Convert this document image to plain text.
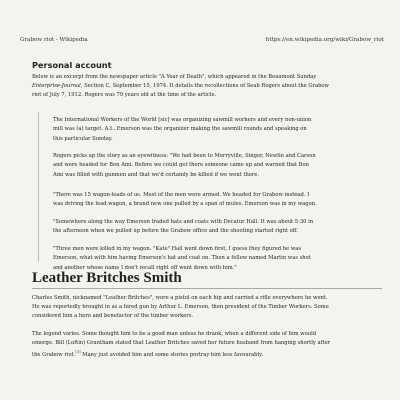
Grabow riot - Wikipedia	https://en.wikipedia.org/wiki/Grabow_riot
Personal account
Below is an excerpt from the newspaper article "A Year of Death", which appeared in the Beaumont Sunday
Enterprise-Journal, Section C, September 15, 1974. It details the recollections of Seab Rogers about the Grabow
riot of July 7, 1912. Rogers was 79 years old at the time of the article.
The International Workers of the World [sic] was organizing sawmill workers and every non-union
mill was (a) target. A.L. Emerson was the organizer making the sawmill rounds and speaking on
this particular Sunday.
Rogers picks up the story as an eyewitness: "We had been to Merryville, Singer, Newlin and Carson
and were headed for Bon Ami. Before we could get there someone came up and warned that Bon
Ami was filled with gunmen and that we'd certainly be killed if we went there.
"There was 15 wagon-loads of us. Most of the men were armed. We headed for Grabow instead. I
was driving the lead wagon, a brand new one pulled by a span of mules. Emerson was in my wagon.
"Somewhere along the way Emerson traded hats and coats with Decatur Hall. It was about 5:30 in
the afternoon when we pulled up before the Grabow office and the shooting started right off.
"Three men were killed in my wagon. "Kate" Hall went down first, I guess they figured he was
Emerson, what with him having Emerson's hat and coat on. Then a fellow named Martin was shot
and another whose name I don't recall right off went down with him."
Leather Britches Smith
Charles Smith, nicknamed "Leather Britches", wore a pistol on each hip and carried a rifle everywhere he went.
He was reportedly brought in as a hired gun by Arthur L. Emerson, then president of the Timber Workers. Some
considered him a hero and benefactor of the timber workers.
The legend varies. Some thought him to be a good man unless he drank, when a different side of him would
emerge. Bill (Loftin) Grantham stated that Leather Britches saved her future husband from hanging shortly after
the Grabow riot.[3] Many just avoided him and some stories portray him less favourably.
